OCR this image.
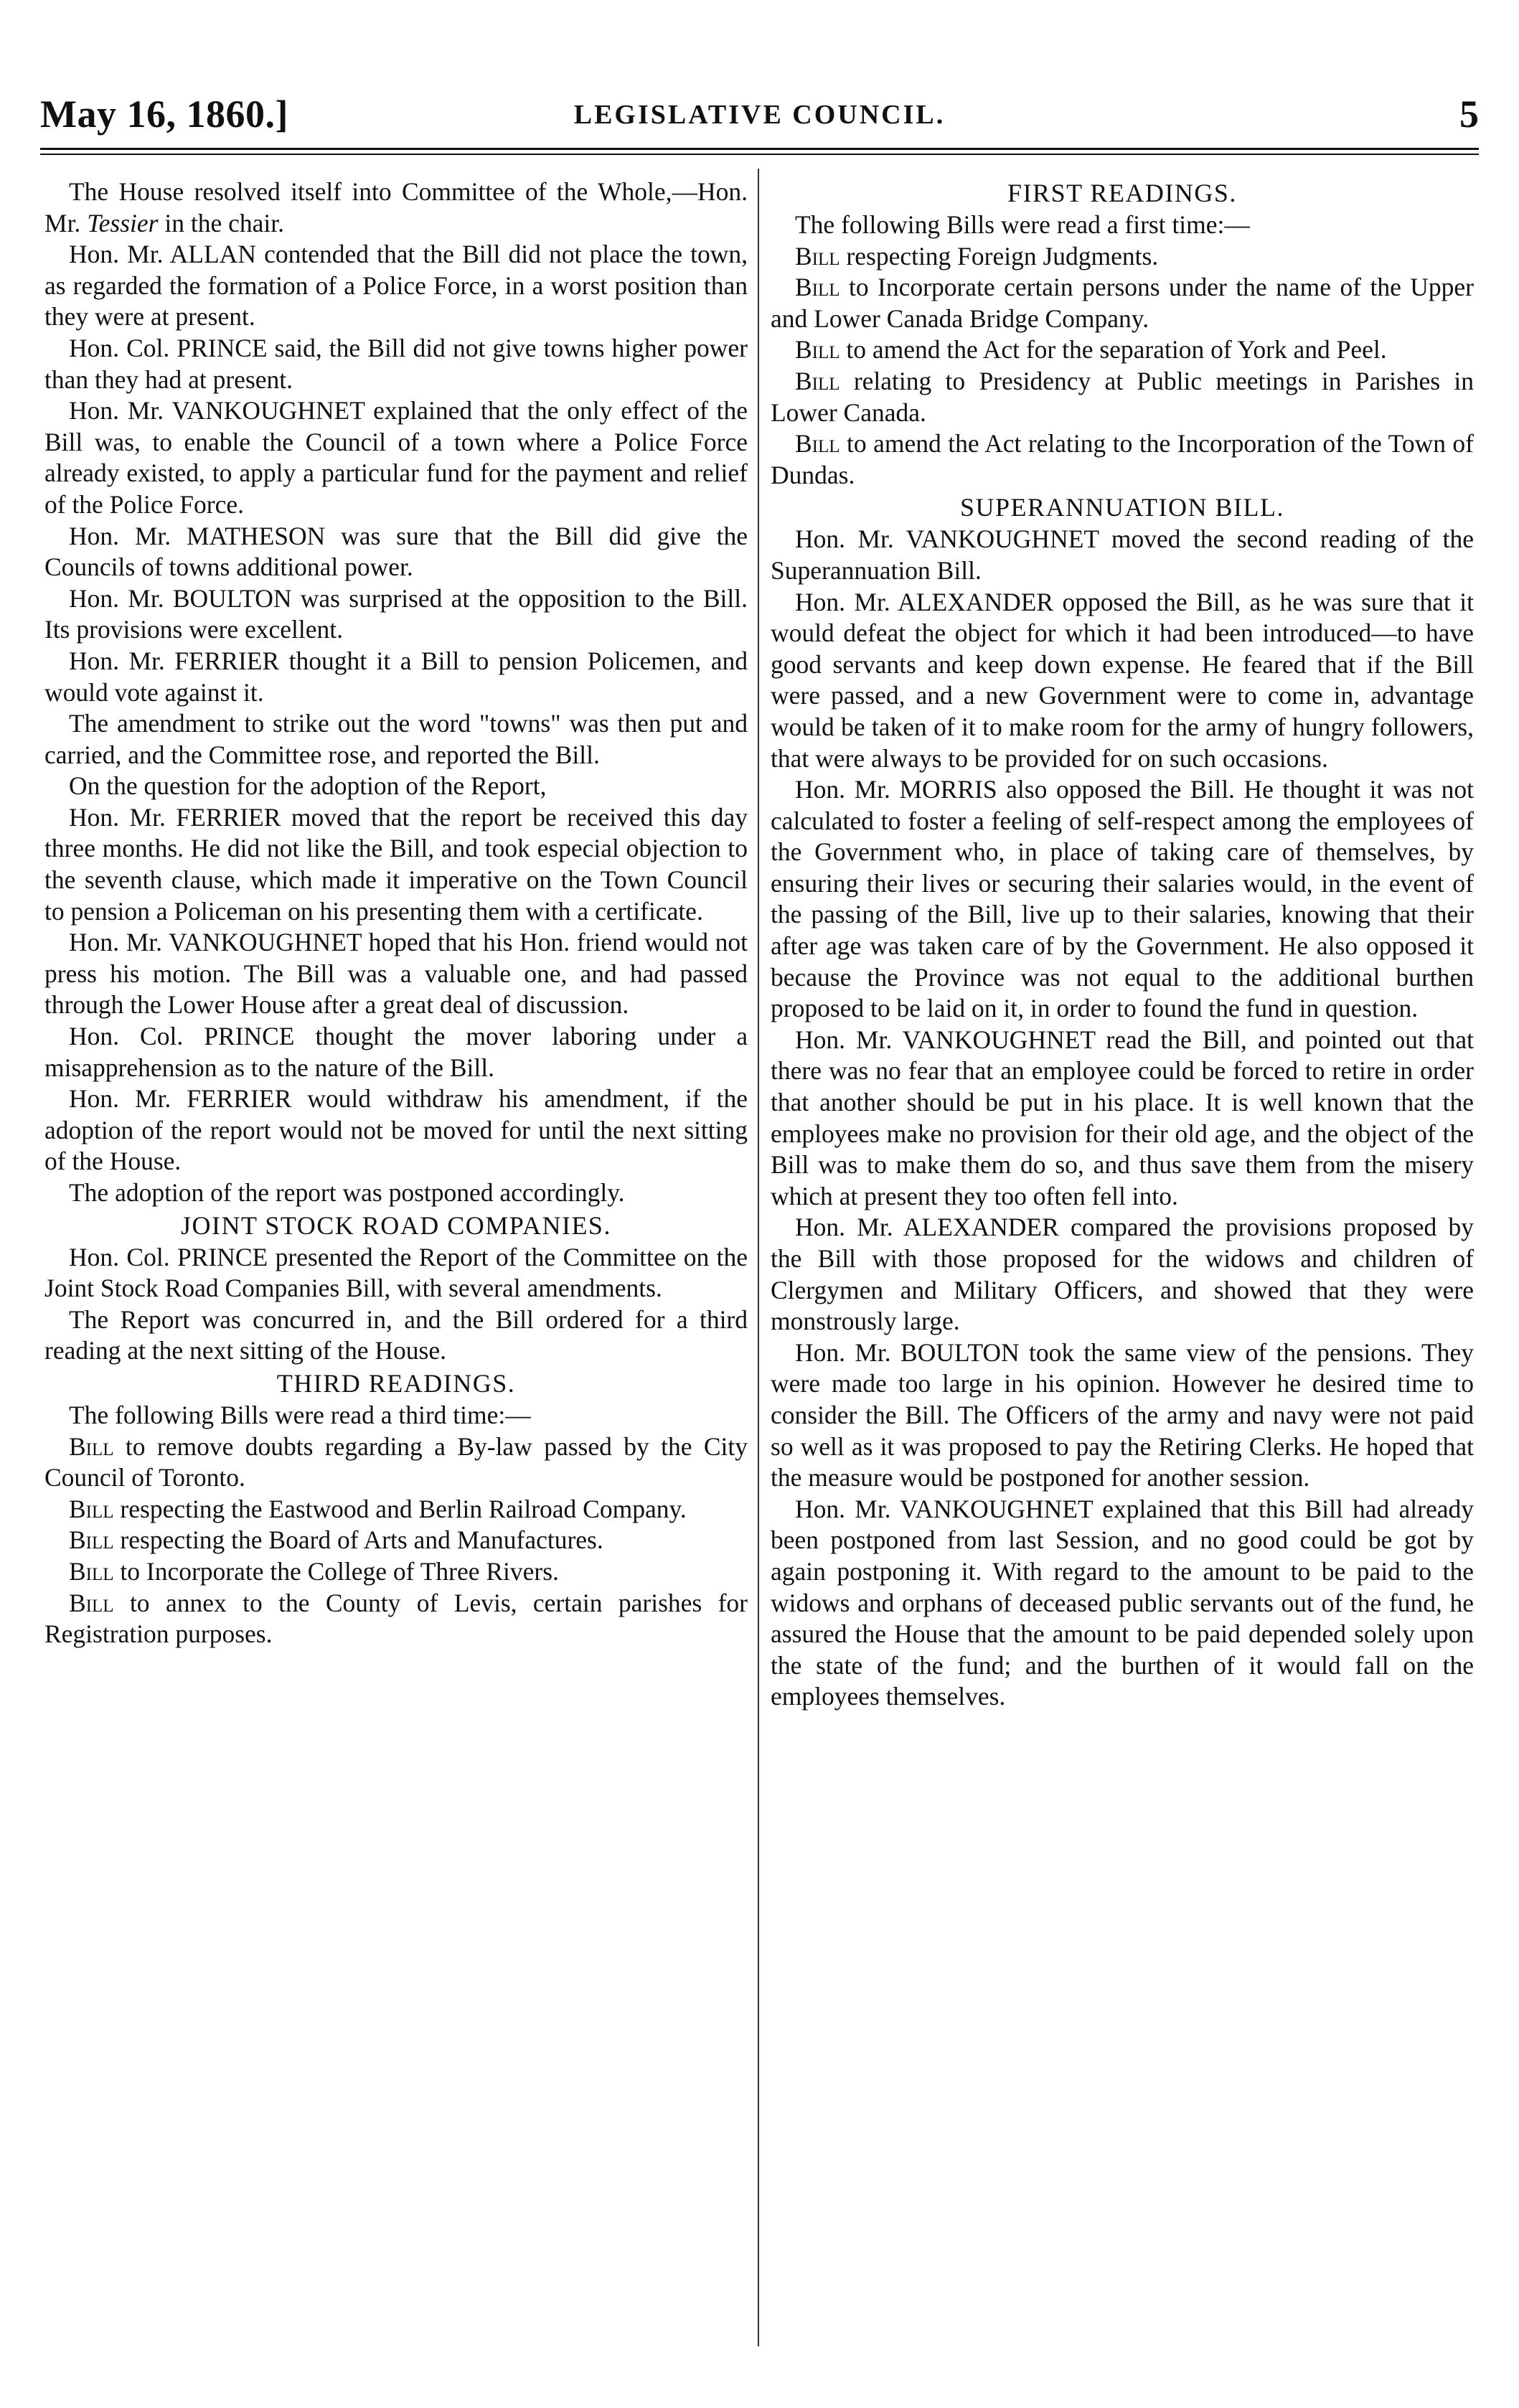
May 16, 1860.]	LEGISLATIVE COUNCIL.	5

The House resolved itself into Committee of the Whole,—Hon. Mr. Tessier in the chair.

Hon. Mr. ALLAN contended that the Bill did not place the town, as regarded the formation of a Police Force, in a worst position than they were at present.

Hon. Col. PRINCE said, the Bill did not give towns higher power than they had at present.

Hon. Mr. VANKOUGHNET explained that the only effect of the Bill was, to enable the Council of a town where a Police Force already existed, to apply a particular fund for the payment and relief of the Police Force.

Hon. Mr. MATHESON was sure that the Bill did give the Councils of towns additional power.

Hon. Mr. BOULTON was surprised at the opposition to the Bill. Its provisions were excellent.

Hon. Mr. FERRIER thought it a Bill to pension Policemen, and would vote against it.

The amendment to strike out the word "towns" was then put and carried, and the Committee rose, and reported the Bill.

On the question for the adoption of the Report,

Hon. Mr. FERRIER moved that the report be received this day three months. He did not like the Bill, and took especial objection to the seventh clause, which made it imperative on the Town Council to pension a Policeman on his presenting them with a certificate.

Hon. Mr. VANKOUGHNET hoped that his Hon. friend would not press his motion. The Bill was a valuable one, and had passed through the Lower House after a great deal of discussion.

Hon. Col. PRINCE thought the mover laboring under a misapprehension as to the nature of the Bill.

Hon. Mr. FERRIER would withdraw his amendment, if the adoption of the report would not be moved for until the next sitting of the House.

The adoption of the report was postponed accordingly.

JOINT STOCK ROAD COMPANIES.

Hon. Col. PRINCE presented the Report of the Committee on the Joint Stock Road Companies Bill, with several amendments.

The Report was concurred in, and the Bill ordered for a third reading at the next sitting of the House.

THIRD READINGS.

The following Bills were read a third time:—

Bill to remove doubts regarding a By-law passed by the City Council of Toronto.

Bill respecting the Eastwood and Berlin Railroad Company.

Bill respecting the Board of Arts and Manufactures.

Bill to Incorporate the College of Three Rivers.

Bill to annex to the County of Levis, certain parishes for Registration purposes.

FIRST READINGS.

The following Bills were read a first time:—

Bill respecting Foreign Judgments.

Bill to Incorporate certain persons under the name of the Upper and Lower Canada Bridge Company.

Bill to amend the Act for the separation of York and Peel.

Bill relating to Presidency at Public meetings in Parishes in Lower Canada.

Bill to amend the Act relating to the Incorporation of the Town of Dundas.

SUPERANNUATION BILL.

Hon. Mr. VANKOUGHNET moved the second reading of the Superannuation Bill.

Hon. Mr. ALEXANDER opposed the Bill, as he was sure that it would defeat the object for which it had been introduced—to have good servants and keep down expense. He feared that if the Bill were passed, and a new Government were to come in, advantage would be taken of it to make room for the army of hungry followers, that were always to be provided for on such occasions.

Hon. Mr. MORRIS also opposed the Bill. He thought it was not calculated to foster a feeling of self-respect among the employees of the Government who, in place of taking care of themselves, by ensuring their lives or securing their salaries would, in the event of the passing of the Bill, live up to their salaries, knowing that their after age was taken care of by the Government. He also opposed it because the Province was not equal to the additional burthen proposed to be laid on it, in order to found the fund in question.

Hon. Mr. VANKOUGHNET read the Bill, and pointed out that there was no fear that an employee could be forced to retire in order that another should be put in his place. It is well known that the employees make no provision for their old age, and the object of the Bill was to make them do so, and thus save them from the misery which at present they too often fell into.

Hon. Mr. ALEXANDER compared the provisions proposed by the Bill with those proposed for the widows and children of Clergymen and Military Officers, and showed that they were monstrously large.

Hon. Mr. BOULTON took the same view of the pensions. They were made too large in his opinion. However he desired time to consider the Bill. The Officers of the army and navy were not paid so well as it was proposed to pay the Retiring Clerks. He hoped that the measure would be postponed for another session.

Hon. Mr. VANKOUGHNET explained that this Bill had already been postponed from last Session, and no good could be got by again postponing it. With regard to the amount to be paid to the widows and orphans of deceased public servants out of the fund, he assured the House that the amount to be paid depended solely upon the state of the fund; and the burthen of it would fall on the employees themselves.
